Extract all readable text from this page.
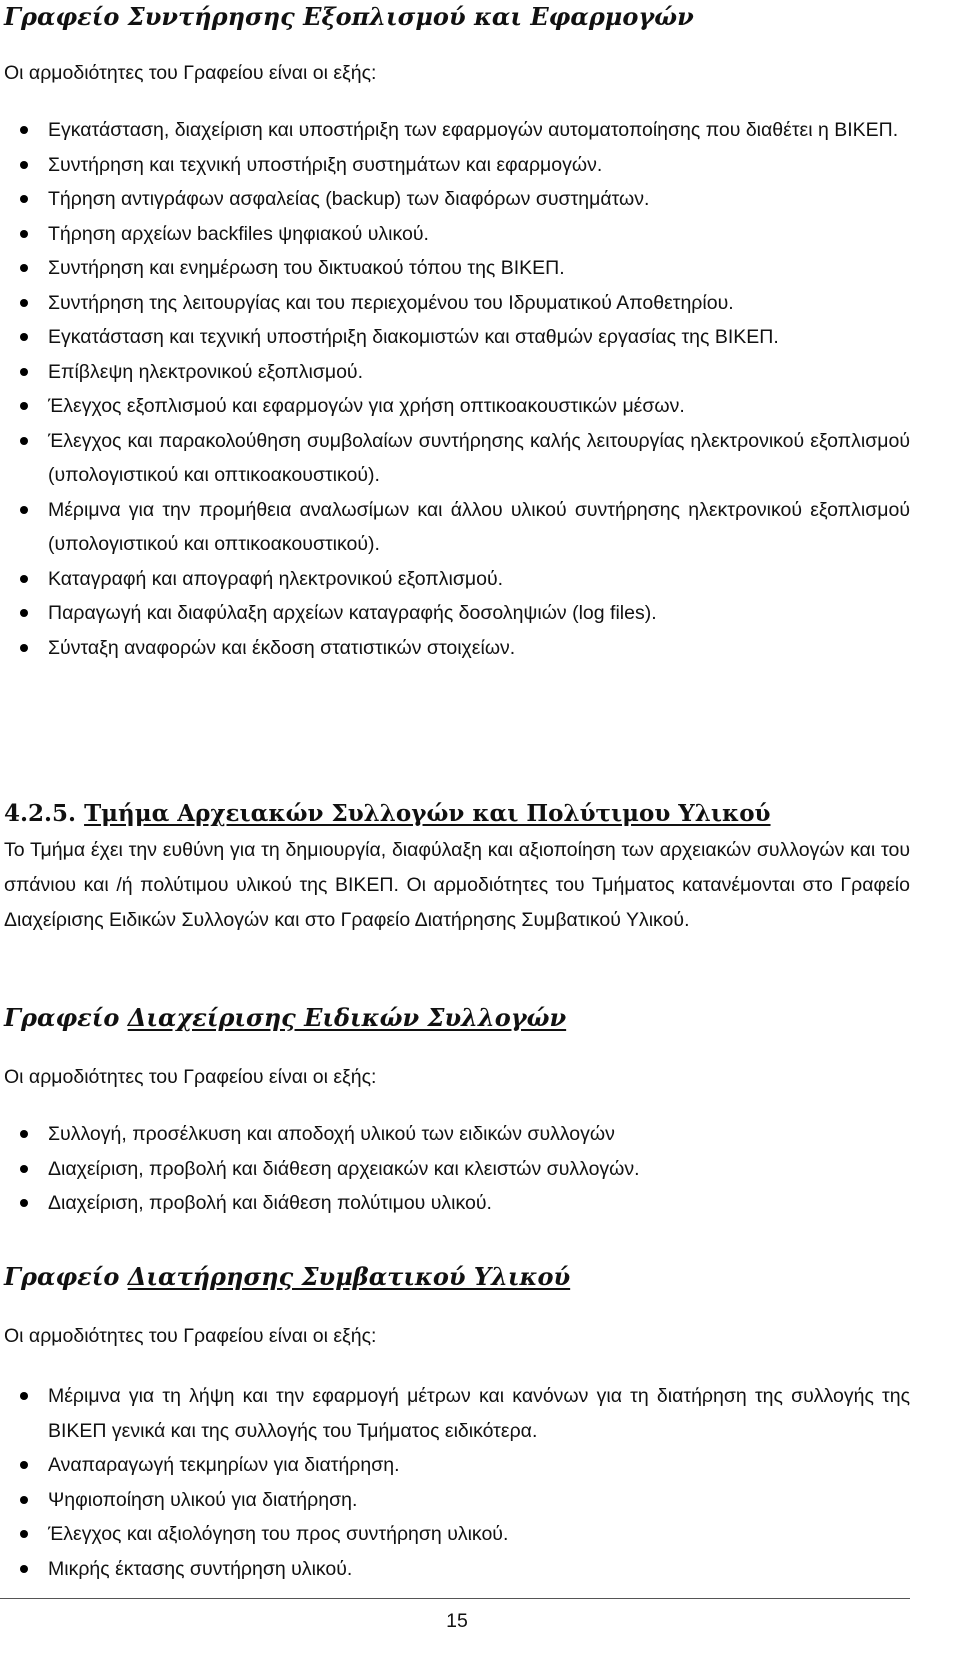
Γραφείο Συντήρησης Εξοπλισμού και Εφαρμογών

Οι αρμοδιότητες του Γραφείου είναι οι εξής:

Εγκατάσταση, διαχείριση και υποστήριξη των εφαρμογών αυτοματοποίησης που διαθέτει η ΒΙΚΕΠ.
Συντήρηση και τεχνική υποστήριξη συστημάτων και εφαρμογών.
Τήρηση αντιγράφων ασφαλείας (backup) των διαφόρων συστημάτων.
Τήρηση αρχείων backfiles ψηφιακού υλικού.
Συντήρηση και ενημέρωση του δικτυακού τόπου της ΒΙΚΕΠ.
Συντήρηση της λειτουργίας και του περιεχομένου του Ιδρυματικού Αποθετηρίου.
Εγκατάσταση και τεχνική υποστήριξη διακομιστών και σταθμών εργασίας της ΒΙΚΕΠ.
Επίβλεψη ηλεκτρονικού εξοπλισμού.
Έλεγχος εξοπλισμού και εφαρμογών για χρήση οπτικοακουστικών μέσων.
Έλεγχος και παρακολούθηση συμβολαίων συντήρησης καλής λειτουργίας ηλεκτρονικού εξοπλισμού (υπολογιστικού και οπτικοακουστικού).
Μέριμνα για την προμήθεια αναλωσίμων και άλλου υλικού συντήρησης ηλεκτρονικού εξοπλισμού (υπολογιστικού και οπτικοακουστικού).
Καταγραφή και απογραφή ηλεκτρονικού εξοπλισμού.
Παραγωγή και διαφύλαξη αρχείων καταγραφής δοσοληψιών (log files).
Σύνταξη αναφορών και έκδοση στατιστικών στοιχείων.
4.2.5. Τμήμα Αρχειακών Συλλογών και Πολύτιμου Υλικού

Το Τμήμα έχει την ευθύνη για τη δημιουργία, διαφύλαξη και αξιοποίηση των αρχειακών συλλογών και του σπάνιου και /ή πολύτιμου υλικού της ΒΙΚΕΠ. Οι αρμοδιότητες του Τμήματος κατανέμονται στο Γραφείο Διαχείρισης Ειδικών Συλλογών και στο Γραφείο Διατήρησης Συμβατικού Υλικού.

Γραφείο Διαχείρισης Ειδικών Συλλογών

Οι αρμοδιότητες του Γραφείου είναι οι εξής:

Συλλογή, προσέλκυση και αποδοχή υλικού των ειδικών συλλογών
Διαχείριση, προβολή και διάθεση αρχειακών και κλειστών συλλογών.
Διαχείριση, προβολή και διάθεση πολύτιμου υλικού.
Γραφείο Διατήρησης Συμβατικού Υλικού

Οι αρμοδιότητες του Γραφείου είναι οι εξής:

Μέριμνα για τη λήψη και την εφαρμογή μέτρων και κανόνων για τη διατήρηση της συλλογής της ΒΙΚΕΠ γενικά και της συλλογής του Τμήματος ειδικότερα.
Αναπαραγωγή τεκμηρίων για διατήρηση.
Ψηφιοποίηση υλικού για διατήρηση.
Έλεγχος και αξιολόγηση του προς συντήρηση υλικού.
Μικρής έκτασης συντήρηση υλικού.
15
